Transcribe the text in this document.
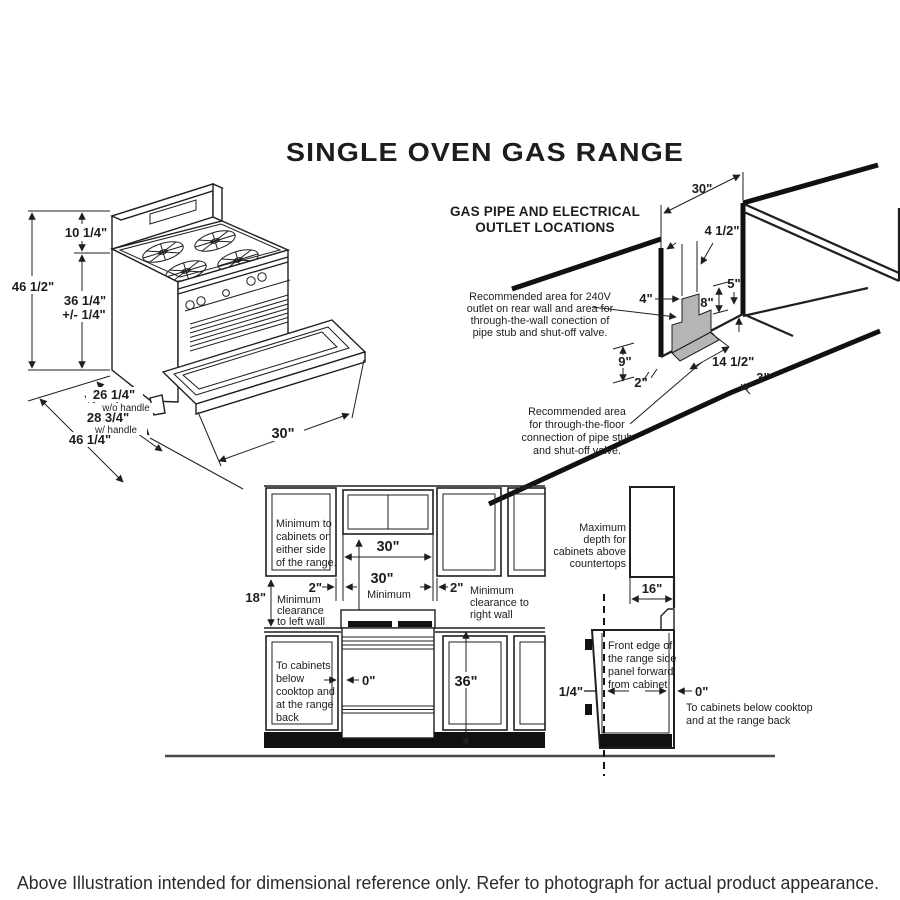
SINGLE OVEN GAS RANGE
46 1/2"
10 1/4"
36 1/4"
+/- 1/4"
26 1/4"
w/o handle
28 3/4"
w/ handle
46 1/4"	30"
GAS PIPE AND ELECTRICAL
OUTLET LOCATIONS
30"
4 1/2"
5"
4"	8"
9"
2"
14 1/2"
3"
Recommended area for 240V
outlet on rear wall and area for
through-the-wall conection of
pipe stub and shut-off valve.
Recommended area
for through-the-floor
connection of pipe stub
and shut-off valve.
30"
30"
Minimum
2"	2"
18"
0"	36"
Minimum to
cabinets on
either side
of the range.
Minimum
clearance
to left wall
Minimum
clearance to
right wall
To cabinets
below
cooktop and
at the range
back
16"
1/4"	0"
Maximum
depth for
cabinets above
countertops
Front edge of
the range side
panel forward
from cabinet
To cabinets below cooktop
and at the range back
Above Illustration intended for dimensional reference only. Refer to photograph for actual product appearance.
